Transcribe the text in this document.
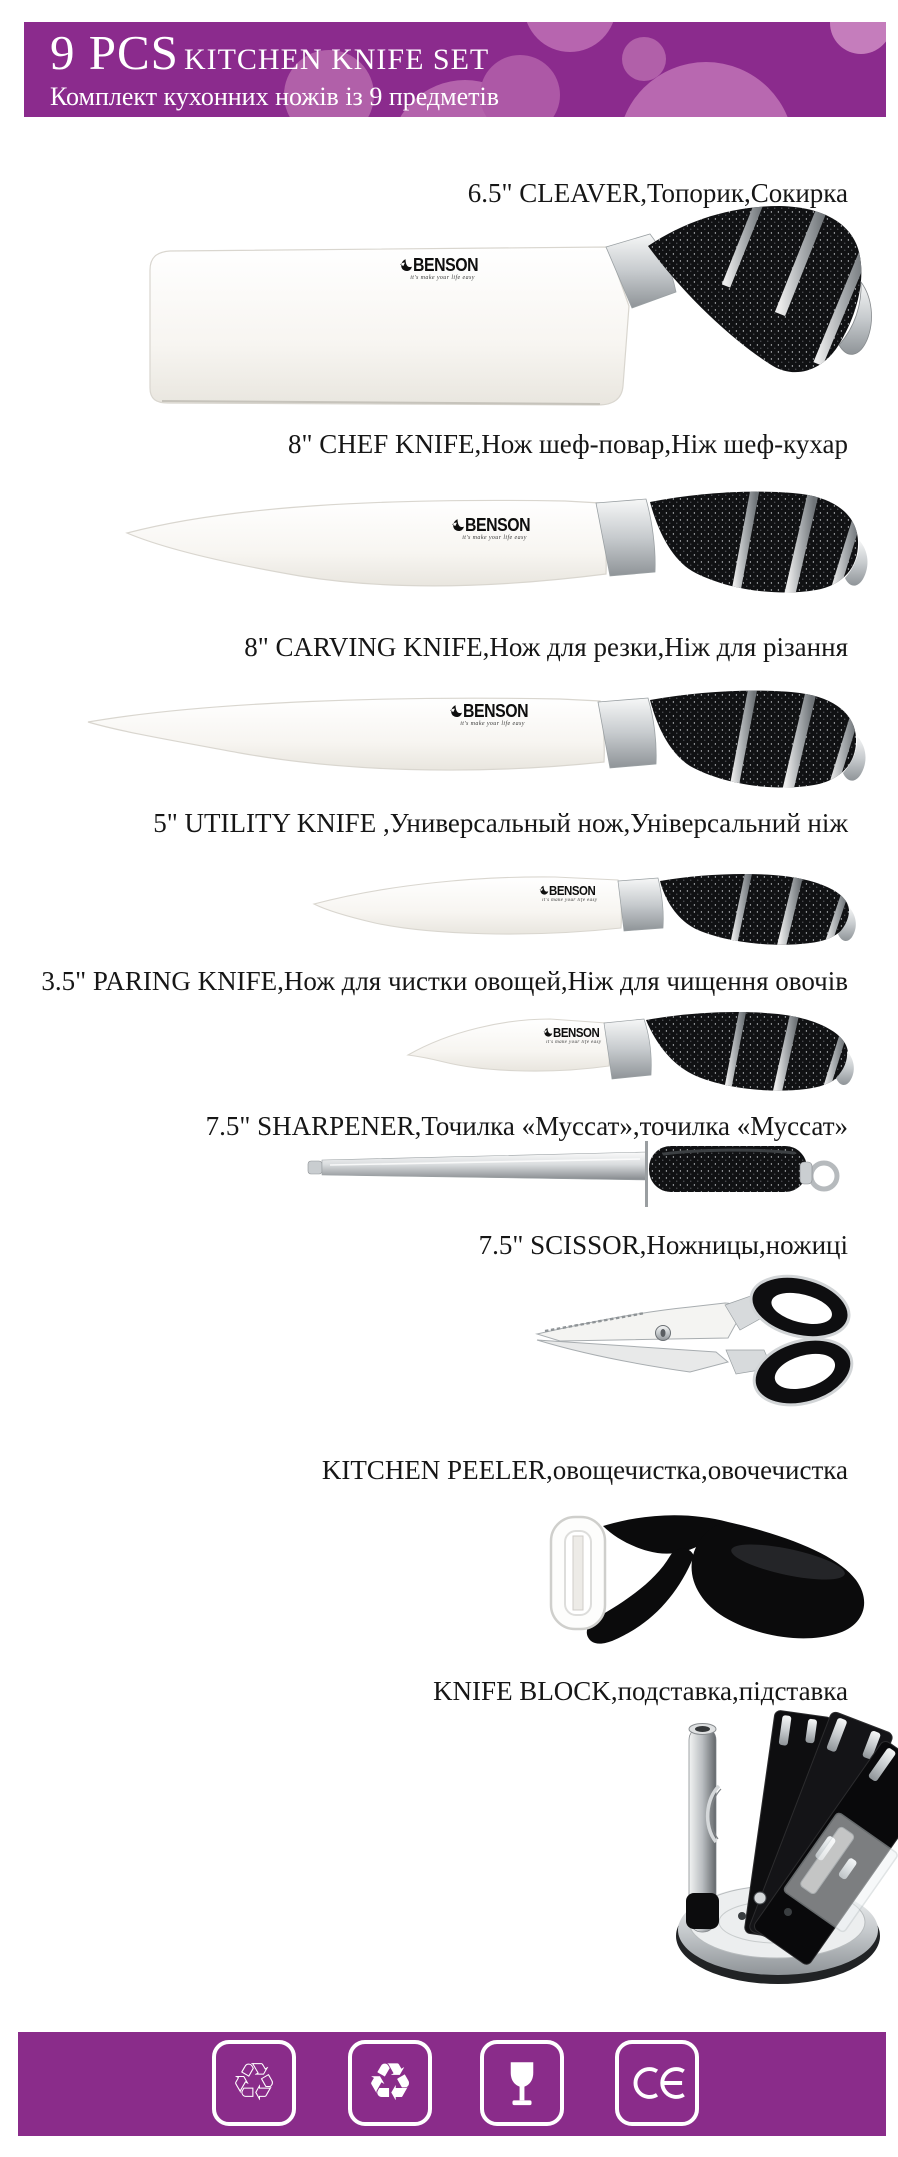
9 PCS KITCHEN KNIFE SET
Комплект кухонних ножів із 9 предметів
6.5" CLEAVER,Топорик,Сокирка
8" CHEF KNIFE,Нож шеф-повар,Ніж шеф-кухар
8" CARVING KNIFE,Нож для резки,Ніж для різання
5" UTILITY KNIFE ,Универсальный нож,Універсальний ніж
3.5" PARING KNIFE,Нож для чистки овощей,Ніж для чищення овочів
7.5" SHARPENER,Точилка «Муссат»,точилка «Муссат»
7.5" SCISSOR,Ножницы,ножиці
KITCHEN PEELER,овощечистка,овочечистка
KNIFE BLOCK,подставка,підставка
BENSON
it's make your life easy
BENSON
it's make your life easy
BENSON
it's make your life easy
BENSON
it's make your life easy
BENSON
it's make your life easy
♲ ♻
